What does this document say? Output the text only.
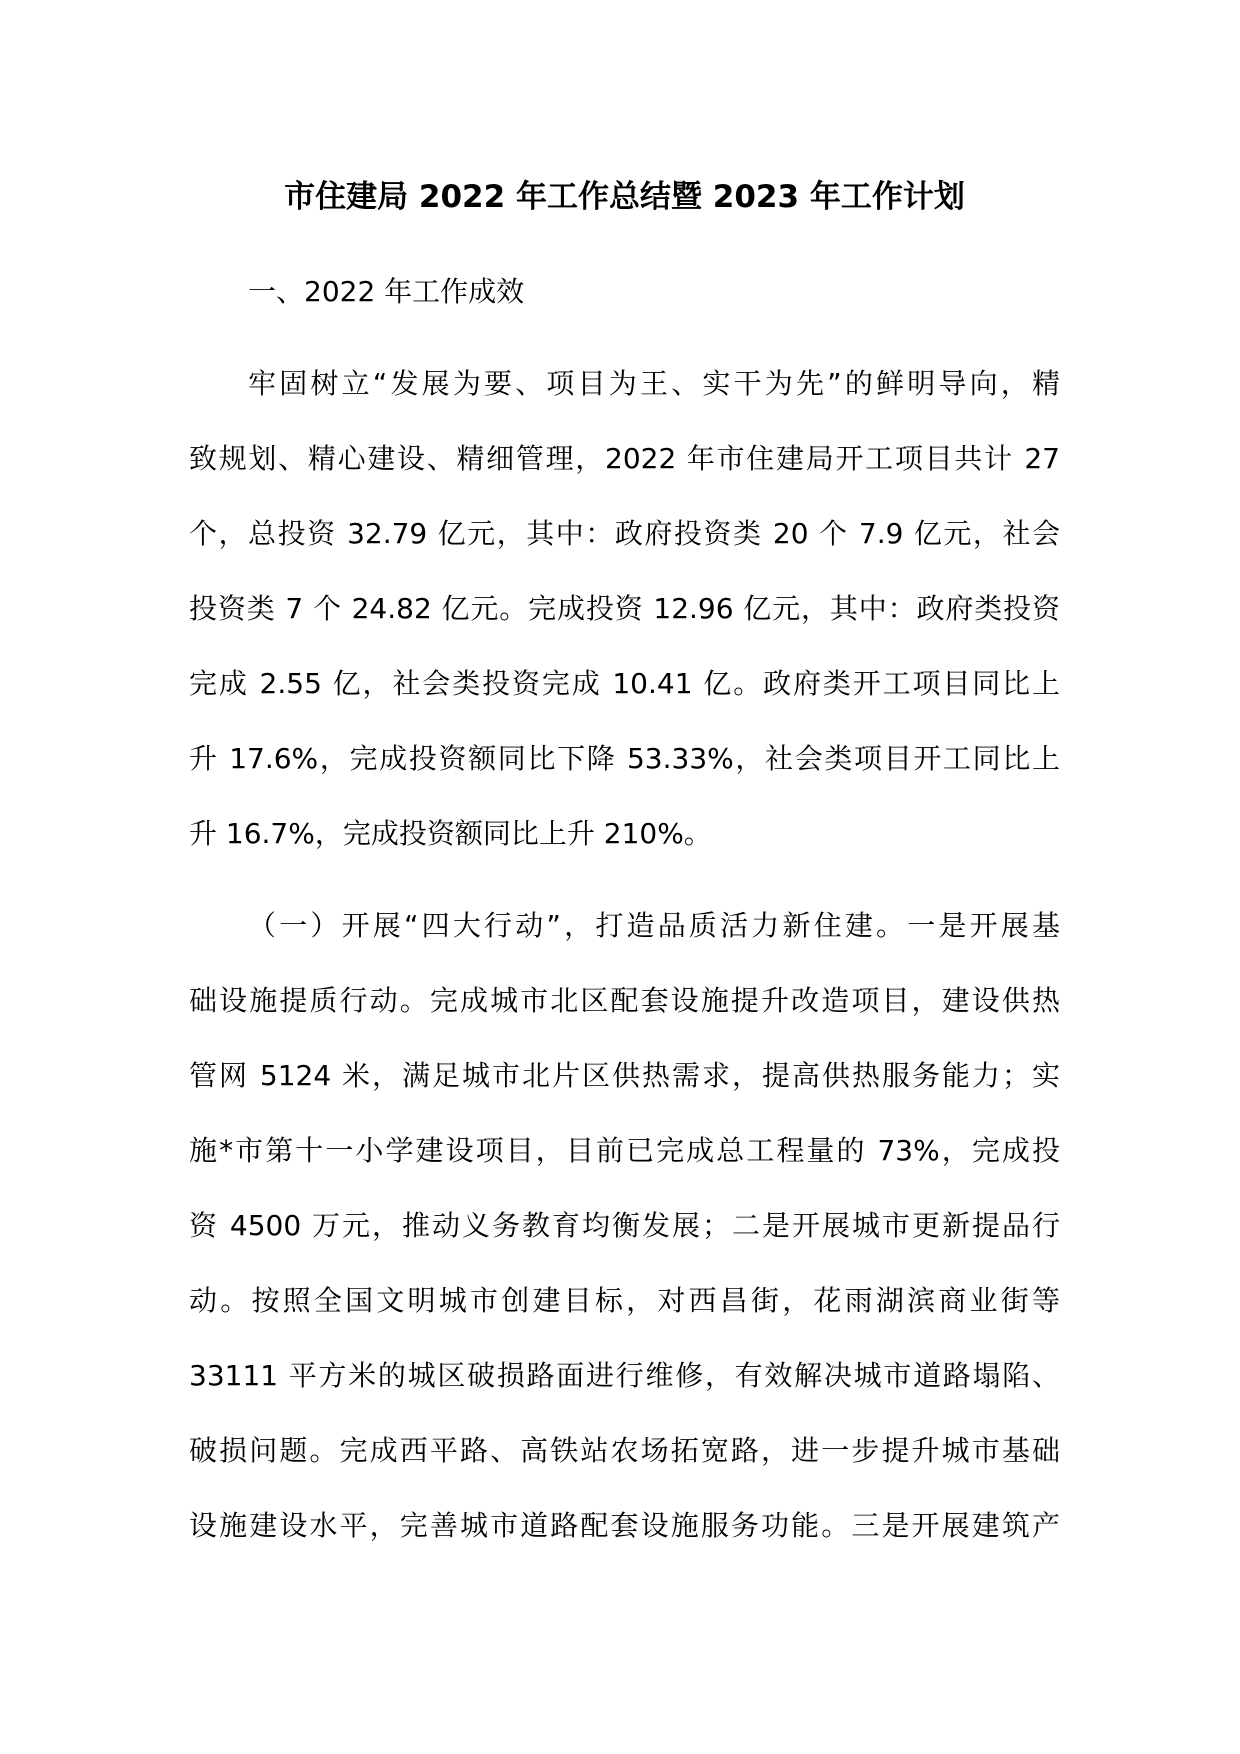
市住建局 2022 年工作总结暨 2023 年工作计划
一、2022 年工作成效
牢固树立“发展为要、项目为王、实干为先”的鲜明导向，精
致规划、精心建设、精细管理，2022 年市住建局开工项目共计 27
个，总投资 32.79 亿元，其中：政府投资类 20 个 7.9 亿元，社会
投资类 7 个 24.82 亿元。完成投资 12.96 亿元，其中：政府类投资
完成 2.55 亿，社会类投资完成 10.41 亿。政府类开工项目同比上
升 17.6%，完成投资额同比下降 53.33%，社会类项目开工同比上
升 16.7%，完成投资额同比上升 210%。
（一）开展“四大行动”，打造品质活力新住建。一是开展基
础设施提质行动。完成城市北区配套设施提升改造项目，建设供热
管网 5124 米，满足城市北片区供热需求，提高供热服务能力；实
施*市第十一小学建设项目，目前已完成总工程量的 73%，完成投
资 4500 万元，推动义务教育均衡发展；二是开展城市更新提品行
动。按照全国文明城市创建目标，对西昌街，花雨湖滨商业街等
33111 平方米的城区破损路面进行维修，有效解决城市道路塌陷、
破损问题。完成西平路、高铁站农场拓宽路，进一步提升城市基础
设施建设水平，完善城市道路配套设施服务功能。三是开展建筑产
